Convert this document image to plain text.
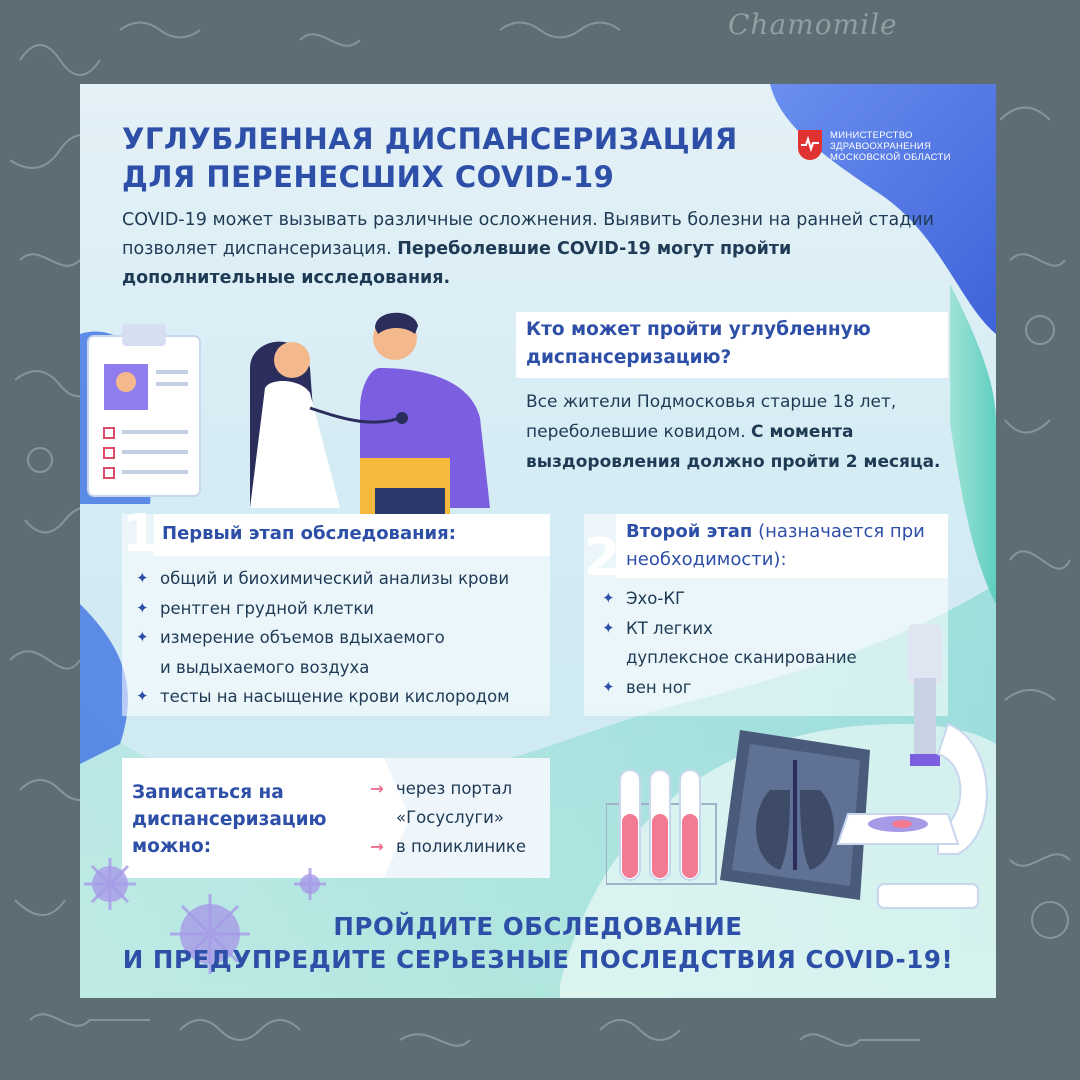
Chamomile
УГЛУБЛЕННАЯ ДИСПАНСЕРИЗАЦИЯ
ДЛЯ ПЕРЕНЕСШИХ COVID-19
МИНИСТЕРСТВО
ЗДРАВООХРАНЕНИЯ
МОСКОВСКОЙ ОБЛАСТИ

COVID-19 может вызывать различные осложнения. Выявить болезни на ранней стадии позволяет диспансеризация. Переболевшие COVID-19 могут пройти дополнительные исследования.

Кто может пройти углубленную диспансеризацию?

Все жители Подмосковья старше 18 лет, переболевшие ковидом. С момента выздоровления должно пройти 2 месяца.

1 Первый этап обследования:
✦ общий и биохимический анализы крови
✦ рентген грудной клетки
✦ измерение объемов вдыхаемого
и выдыхаемого воздуха
✦ тесты на насыщение крови кислородом
2 Второй этап (назначается при необходимости):
✦ Эхо-КГ
✦ КТ легких
дуплексное сканирование
✦ вен ног

Записаться на диспансеризацию можно:

→ через портал «Госуслуги»
→ в поликлинике
ПРОЙДИТЕ ОБСЛЕДОВАНИЕ
И ПРЕДУПРЕДИТЕ СЕРЬЕЗНЫЕ ПОСЛЕДСТВИЯ COVID-19!
